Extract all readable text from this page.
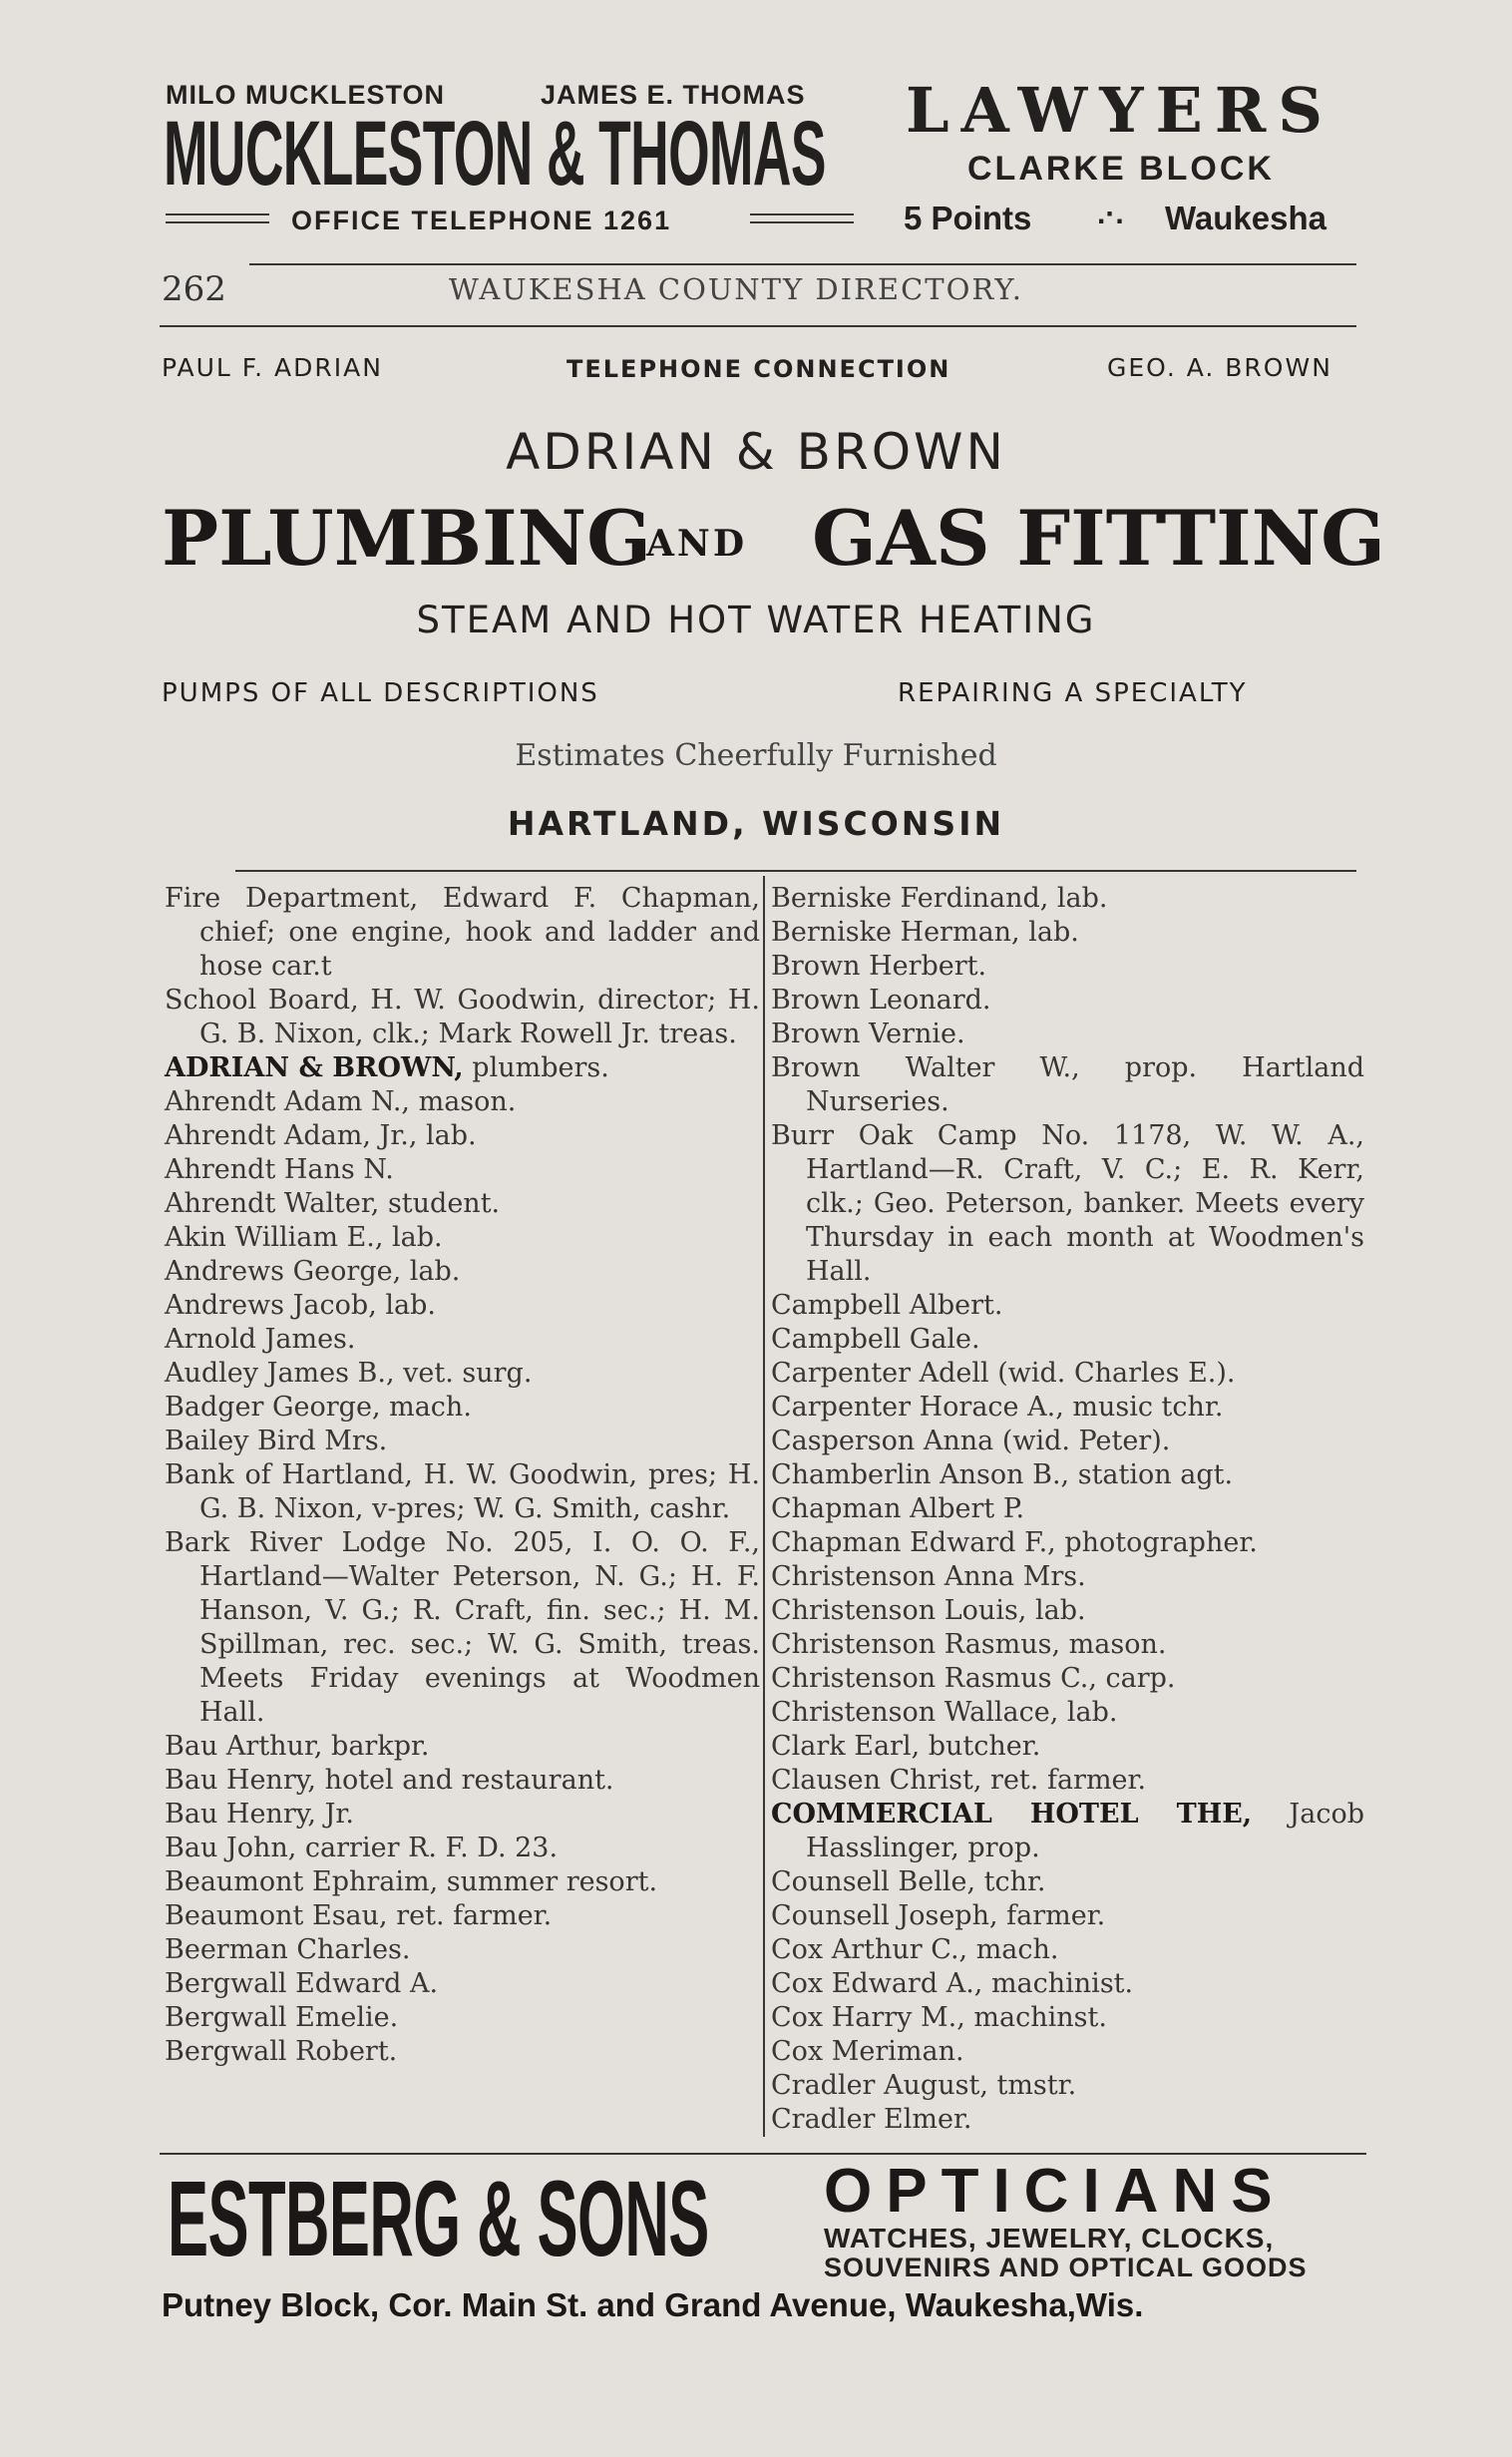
MILO MUCKLESTON	JAMES E. THOMAS
MUCKLESTON & THOMAS
OFFICE TELEPHONE 1261
LAWYERS
CLARKE BLOCK
5 Points .·. Waukesha
262	WAUKESHA COUNTY DIRECTORY.
PAUL F. ADRIAN	TELEPHONE CONNECTION	GEO. A. BROWN
ADRIAN & BROWN
PLUMBING
AND GAS FITTING
STEAM AND HOT WATER HEATING
PUMPS OF ALL DESCRIPTIONS	REPAIRING A SPECIALTY
Estimates Cheerfully Furnished
HARTLAND, WISCONSIN
Fire Department, Edward F. Chapman, chief; one engine, hook and ladder and hose car.t
School Board, H. W. Goodwin, director; H. G. B. Nixon, clk.; Mark Rowell Jr. treas.
ADRIAN & BROWN, plumbers.
Ahrendt Adam N., mason.
Ahrendt Adam, Jr., lab.
Ahrendt Hans N.
Ahrendt Walter, student.
Akin William E., lab.
Andrews George, lab.
Andrews Jacob, lab.
Arnold James.
Audley James B., vet. surg.
Badger George, mach.
Bailey Bird Mrs.
Bank of Hartland, H. W. Goodwin, pres; H. G. B. Nixon, v-pres; W. G. Smith, cashr.
Bark River Lodge No. 205, I. O. O. F., Hartland—Walter Peterson, N. G.; H. F. Hanson, V. G.; R. Craft, fin. sec.; H. M. Spillman, rec. sec.; W. G. Smith, treas. Meets Friday evenings at Woodmen Hall.
Bau Arthur, barkpr.
Bau Henry, hotel and restaurant.
Bau Henry, Jr.
Bau John, carrier R. F. D. 23.
Beaumont Ephraim, summer resort.
Beaumont Esau, ret. farmer.
Beerman Charles.
Bergwall Edward A.
Bergwall Emelie.
Bergwall Robert.
Berniske Ferdinand, lab.
Berniske Herman, lab.
Brown Herbert.
Brown Leonard.
Brown Vernie.
Brown Walter W., prop. Hartland Nurseries.
Burr Oak Camp No. 1178, W. W. A., Hartland—R. Craft, V. C.; E. R. Kerr, clk.; Geo. Peterson, banker. Meets every Thursday in each month at Woodmen's Hall.
Campbell Albert.
Campbell Gale.
Carpenter Adell (wid. Charles E.).
Carpenter Horace A., music tchr.
Casperson Anna (wid. Peter).
Chamberlin Anson B., station agt.
Chapman Albert P.
Chapman Edward F., photographer.
Christenson Anna Mrs.
Christenson Louis, lab.
Christenson Rasmus, mason.
Christenson Rasmus C., carp.
Christenson Wallace, lab.
Clark Earl, butcher.
Clausen Christ, ret. farmer.
COMMERCIAL HOTEL THE, Jacob Hasslinger, prop.
Counsell Belle, tchr.
Counsell Joseph, farmer.
Cox Arthur C., mach.
Cox Edward A., machinist.
Cox Harry M., machinst.
Cox Meriman.
Cradler August, tmstr.
Cradler Elmer.
ESTBERG & SONS OPTICIANS
WATCHES, JEWELRY, CLOCKS,
SOUVENIRS AND OPTICAL GOODS
Putney Block, Cor. Main St. and Grand Avenue, Waukesha,Wis.
